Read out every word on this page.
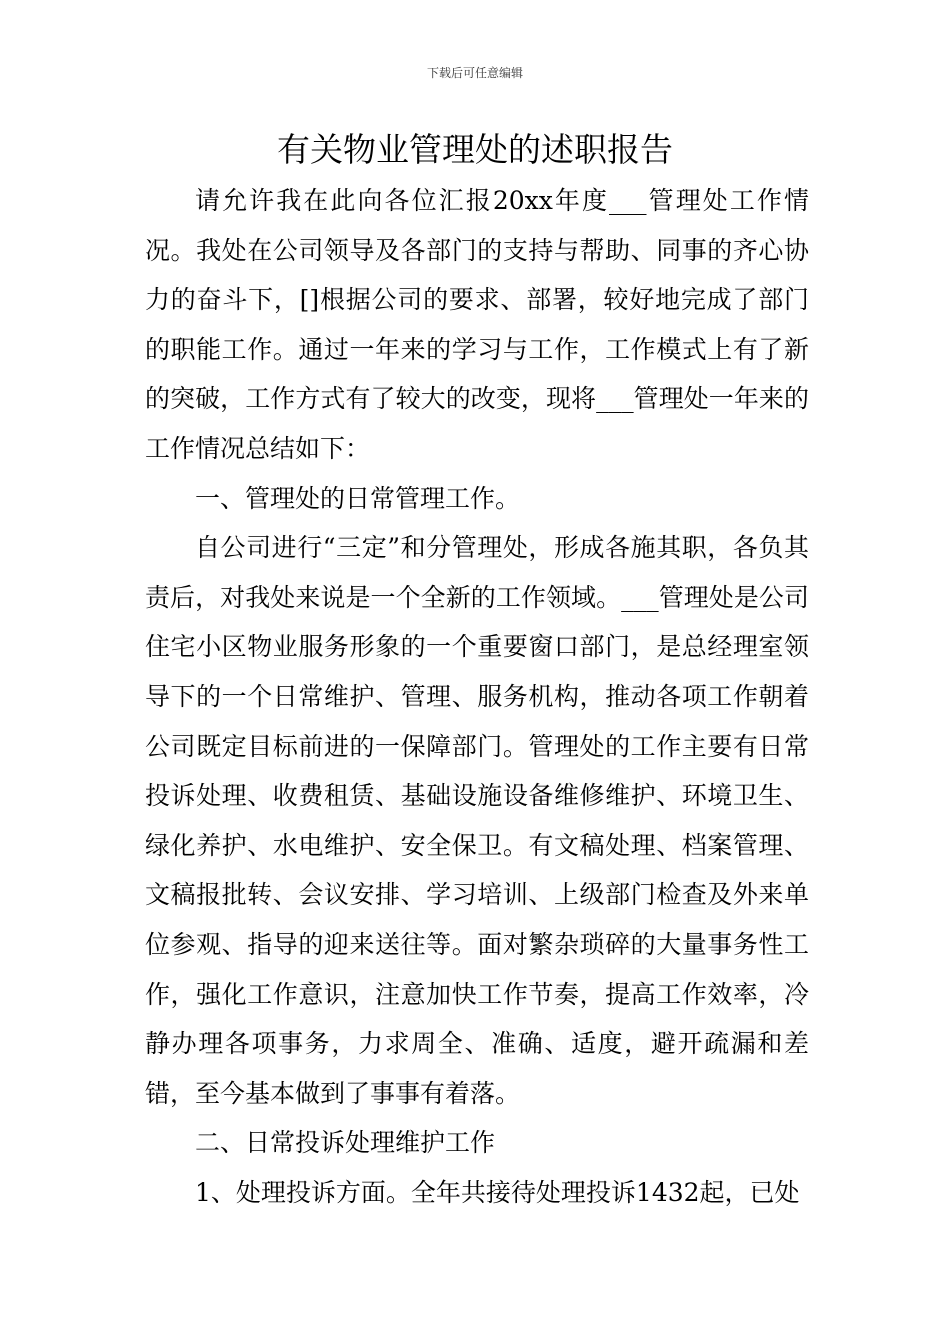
下载后可任意编辑
有关物业管理处的述职报告

请允许我在此向各位汇报20xx年度___管理处工作情况。我处在公司领导及各部门的支持与帮助、同事的齐心协力的奋斗下，[]根据公司的要求、部署，较好地完成了部门的职能工作。通过一年来的学习与工作，工作模式上有了新的突破，工作方式有了较大的改变，现将___管理处一年来的工作情况总结如下：

一、管理处的日常管理工作。

自公司进行“三定”和分管理处，形成各施其职，各负其责后，对我处来说是一个全新的工作领域。___管理处是公司住宅小区物业服务形象的一个重要窗口部门，是总经理室领导下的一个日常维护、管理、服务机构，推动各项工作朝着公司既定目标前进的一保障部门。管理处的工作主要有日常投诉处理、收费租赁、基础设施设备维修维护、环境卫生、绿化养护、水电维护、安全保卫。有文稿处理、档案管理、文稿报批转、会议安排、学习培训、上级部门检查及外来单位参观、指导的迎来送往等。面对繁杂琐碎的大量事务性工作，强化工作意识，注意加快工作节奏，提高工作效率，冷静办理各项事务，力求周全、准确、适度，避开疏漏和差错，至今基本做到了事事有着落。

二、日常投诉处理维护工作

1、处理投诉方面。全年共接待处理投诉1432起，已处
